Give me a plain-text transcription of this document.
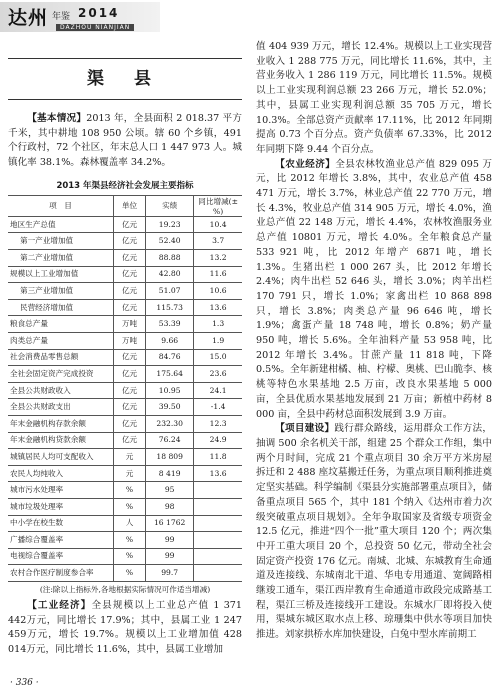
达州 年鉴 2014
DAZHOU NIANJIAN
渠 县

【基本情况】2013 年，全县面积 2 018.37 平方千米，其中耕地 108 950 公顷。辖 60 个乡镇，491 个行政村，72 个社区，年末总人口 1 447 973 人。城镇化率 38.1%。森林覆盖率 34.2%。

2013 年渠县经济社会发展主要指标
项　目	单位	实绩	同比增减(±%)
地区生产总值	亿元	19.23	10.4
第一产业增加值	亿元	52.40	3.7
第二产业增加值	亿元	88.88	13.2
规模以上工业增加值	亿元	42.80	11.6
第三产业增加值	亿元	51.07	10.6
民营经济增加值	亿元	115.73	13.6
粮食总产量	万吨	53.39	1.3
肉类总产量	万吨	9.66	1.9
社会消费品零售总额	亿元	84.76	15.0
全社会固定资产完成投资	亿元	175.64	23.6
全县公共财政收入	亿元	10.95	24.1
全县公共财政支出	亿元	39.50	-1.4
年末金融机构存款余额	亿元	232.30	12.3
年末金融机构贷款余额	亿元	76.24	24.9
城镇居民人均可支配收入	元	18 809	11.8
农民人均纯收入	元	8 419	13.6
城市污水处理率	%	95	
城市垃圾处理率	%	98	
中小学在校生数	人	16 1762	
广播综合覆盖率	%	99	
电视综合覆盖率	%	99	
农村合作医疗制度参合率	%	99.7	
(注:除以上指标外,各地根据实际情况可作适当增减)

【工业经济】全县规模以上工业总产值 1 371 442万元，同比增长 17.9%；其中，县属工业 1 247 459万元，增长 19.7%。规模以上工业增加值 428 014万元，同比增长 11.6%，其中，县属工业增加

值 404 939 万元，增长 12.4%。规模以上工业实现营业收入 1 288 775 万元，同比增长 11.6%，其中，主营业务收入 1 286 119 万元，同比增长 11.5%。规模以上工业实现利润总额 23 266 万元，增长 52.0%；其中，县属工业实现利润总额 35 705 万元，增长 10.3%。全部总资产贡献率 17.11%，比 2012 年同期提高 0.73 个百分点。资产负债率 67.33%，比 2012 年同期下降 9.44 个百分点。

【农业经济】全县农林牧渔业总产值 829 095 万元，比 2012 年增长 3.8%，其中，农业总产值 458 471 万元，增长 3.7%，林业总产值 22 770 万元，增长 4.3%，牧业总产值 314 905 万元，增长 4.0%，渔业总产值 22 148 万元，增长 4.4%，农林牧渔服务业总产值 10801 万元，增长 4.0%。全年粮食总产量 533 921 吨，比 2012 年增产 6871 吨，增长 1.3%。生猪出栏 1 000 267 头，比 2012 年增长 2.4%；肉牛出栏 52 646 头，增长 3.0%；肉羊出栏 170 791 只，增长 1.0%；家禽出栏 10 868 898 只，增长 3.8%；肉类总产量 96 646 吨，增长 1.9%；禽蛋产量 18 748 吨，增长 0.8%；奶产量 950 吨，增长 5.6%。全年油料产量 53 958 吨，比 2012 年增长 3.4%。甘蔗产量 11 818 吨，下降 0.5%。全年新建柑橘、柚、柠檬、奥桃、巴山脆李、核桃等特色水果基地 2.5 万亩，改良水果基地 5 000 亩，全县优质水果基地发展到 21 万亩；新植中药材 8 000 亩，全县中药材总面积发展到 3.9 万亩。

【项目建设】践行群众路线，运用群众工作方法，抽调 500 余名机关干部，组建 25 个群众工作组，集中两个月时间，完成 21 个重点项目 30 余万平方米房屋拆迁和 2 488 座坟墓搬迁任务，为重点项目顺利推进奠定坚实基础。科学编制《渠县分实施部署重点项目》，储备重点项目 565 个，其中 181 个纳入《达州市着力次级突破重点项目规划》。全年争取国家及省级专项资金 12.5 亿元，推进“四个一批”重大项目 120 个；两次集中开工重大项目 20 个，总投资 50 亿元，带动全社会固定资产投资 176 亿元。南城、北城、东城教育生命通道及连接线、东城南北干道、华电专用通道、宽阔路相继竣工通车，渠江西岸教育生命通道市政段完成路基工程，渠江三桥及连接线开工建设。东城水厂即将投入使用，渠城东城区取水点上移、琼珊集中供水等项目加快推进。刘家拱桥水库加快建设，白兔中型水库前期工

· 336 ·
